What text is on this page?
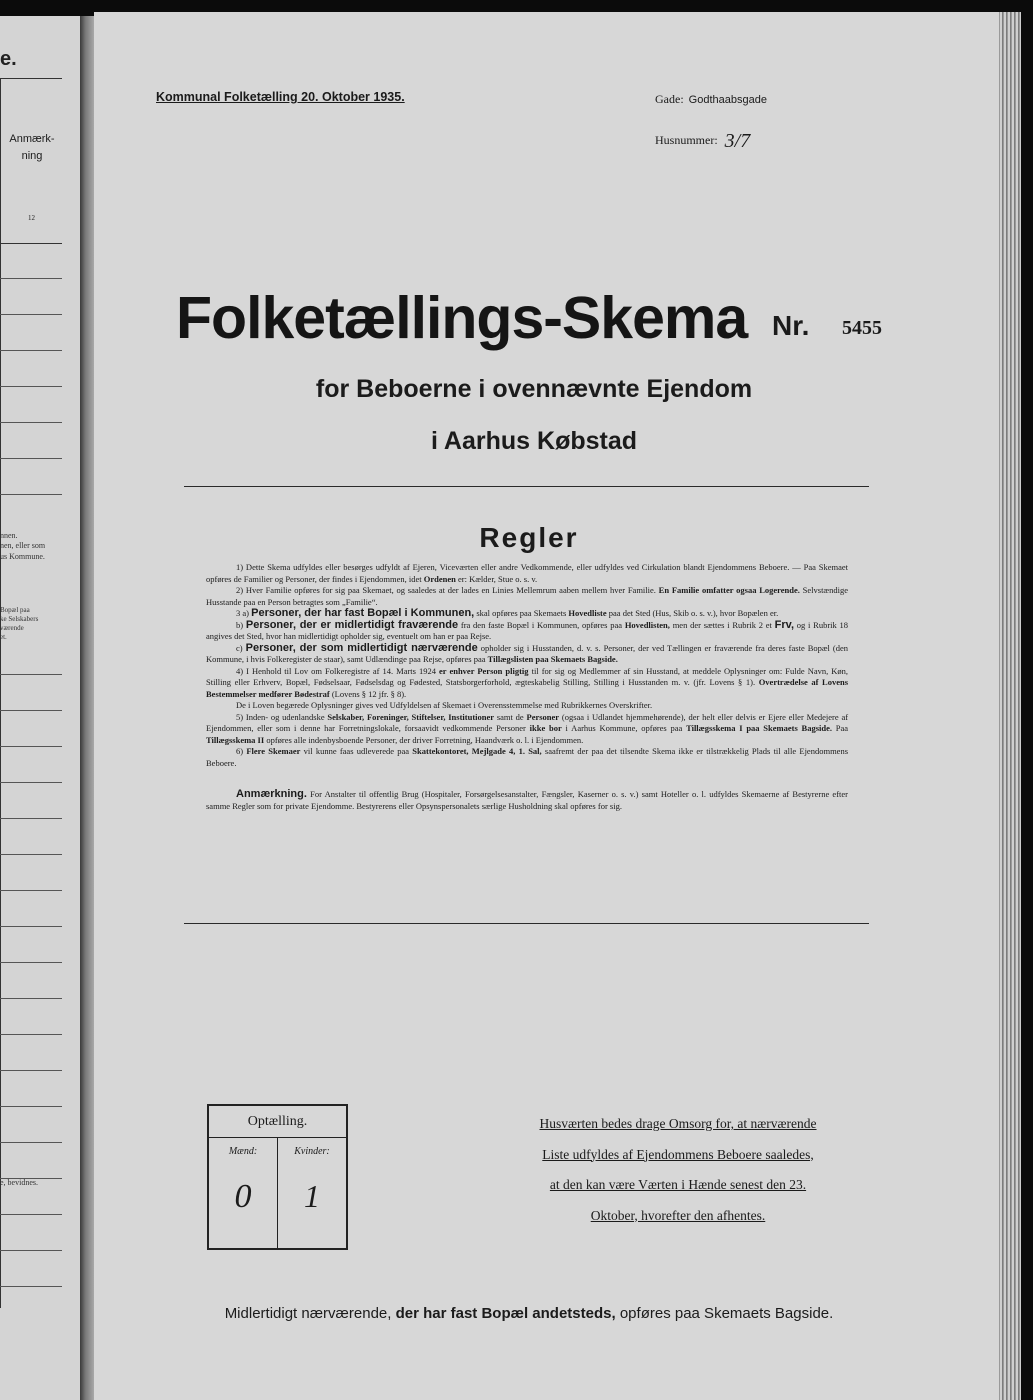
e.
Anmærk-
ning
12
nnen.
nen, eller som
us Kommune.
Bopæl paa
ke Selskabers
værende
et.
e, bevidnes.
Kommunal Folketælling 20. Oktober 1935.	Gade: Godthaabsgade
Husnummer: 3/7
Folketællings-Skema Nr. 5455
for Beboerne i ovennævnte Ejendom
i Aarhus Købstad
Regler

1) Dette Skema udfyldes eller besørges udfyldt af Ejeren, Viceværten eller andre Vedkommende, eller udfyldes ved Cirkulation blandt Ejendommens Beboere. — Paa Skemaet opføres de Familier og Personer, der findes i Ejendommen, idet Ordenen er: Kælder, Stue o. s. v.

2) Hver Familie opføres for sig paa Skemaet, og saaledes at der lades en Linies Mellemrum aaben mellem hver Familie. En Familie omfatter ogsaa Logerende. Selvstændige Husstande paa en Person betragtes som „Familie“.

3 a) Personer, der har fast Bopæl i Kommunen, skal opføres paa Skemaets Hovedliste paa det Sted (Hus, Skib o. s. v.), hvor Bopælen er.

b) Personer, der er midlertidigt fraværende fra den faste Bopæl i Kommunen, opføres paa Hovedlisten, men der sættes i Rubrik 2 et Frv, og i Rubrik 18 angives det Sted, hvor han midlertidigt opholder sig, eventuelt om han er paa Rejse.

c) Personer, der som midlertidigt nærværende opholder sig i Husstanden, d. v. s. Personer, der ved Tællingen er fraværende fra deres faste Bopæl (den Kommune, i hvis Folkeregister de staar), samt Udlændinge paa Rejse, opføres paa Tillægslisten paa Skemaets Bagside.

4) I Henhold til Lov om Folkeregistre af 14. Marts 1924 er enhver Person pligtig til for sig og Medlemmer af sin Husstand, at meddele Oplysninger om: Fulde Navn, Køn, Stilling eller Erhverv, Bopæl, Fødselsaar, Fødselsdag og Fødested, Statsborgerforhold, ægteskabelig Stilling, Stilling i Husstanden m. v. (jfr. Lovens § 1). Overtrædelse af Lovens Bestemmelser medfører Bødestraf (Lovens § 12 jfr. § 8).

De i Loven begærede Oplysninger gives ved Udfyldelsen af Skemaet i Overensstemmelse med Rubrikkernes Overskrifter.

5) Inden- og udenlandske Selskaber, Foreninger, Stiftelser, Institutioner samt de Personer (ogsaa i Udlandet hjemmehørende), der helt eller delvis er Ejere eller Medejere af Ejendommen, eller som i denne har Forretningslokale, forsaavidt vedkommende Personer ikke bor i Aarhus Kommune, opføres paa Tillægsskema I paa Skemaets Bagside. Paa Tillægsskema II opføres alle indenbysboende Personer, der driver Forretning, Haandværk o. l. i Ejendommen.

6) Flere Skemaer vil kunne faas udleverede paa Skattekontoret, Mejlgade 4, 1. Sal, saafremt der paa det tilsendte Skema ikke er tilstrækkelig Plads til alle Ejendommens Beboere.

Anmærkning. For Anstalter til offentlig Brug (Hospitaler, Forsørgelsesanstalter, Fængsler, Kaserner o. s. v.) samt Hoteller o. l. udfyldes Skemaerne af Bestyrerne efter samme Regler som for private Ejendomme. Bestyrerens eller Opsynspersonalets særlige Husholdning skal opføres for sig.

Optælling.
Mænd:	Kvinder:
0	1
Husværten bedes drage Omsorg for, at nærværende
Liste udfyldes af Ejendommens Beboere saaledes,
at den kan være Værten i Hænde senest den 23.
Oktober, hvorefter den afhentes.
Midlertidigt nærværende, der har fast Bopæl andetsteds, opføres paa Skemaets Bagside.
